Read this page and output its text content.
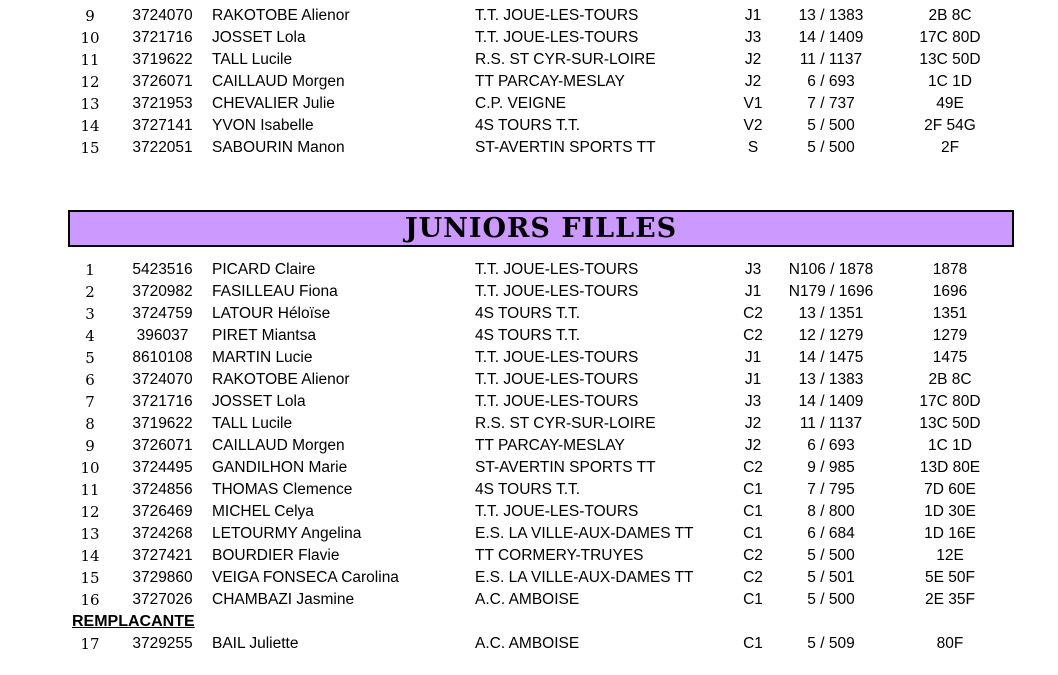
9	3724070	RAKOTOBE Alienor	T.T. JOUE-LES-TOURS	J1	13 / 1383	2B 8C
10	3721716	JOSSET Lola	T.T. JOUE-LES-TOURS	J3	14 / 1409	17C 80D
11	3719622	TALL Lucile	R.S. ST CYR-SUR-LOIRE	J2	11 / 1137	13C 50D
12	3726071	CAILLAUD Morgen	TT PARCAY-MESLAY	J2	6 / 693	1C 1D
13	3721953	CHEVALIER Julie	C.P. VEIGNE	V1	7 / 737	49E
14	3727141	YVON Isabelle	4S TOURS T.T.	V2	5 / 500	2F 54G
15	3722051	SABOURIN Manon	ST-AVERTIN SPORTS TT	S	5 / 500	2F
JUNIORS FILLES
1	5423516	PICARD Claire	T.T. JOUE-LES-TOURS	J3	N106 / 1878	1878
2	3720982	FASILLEAU Fiona	T.T. JOUE-LES-TOURS	J1	N179 / 1696	1696
3	3724759	LATOUR Héloïse	4S TOURS T.T.	C2	13 / 1351	1351
4	396037	PIRET Miantsa	4S TOURS T.T.	C2	12 / 1279	1279
5	8610108	MARTIN Lucie	T.T. JOUE-LES-TOURS	J1	14 / 1475	1475
6	3724070	RAKOTOBE Alienor	T.T. JOUE-LES-TOURS	J1	13 / 1383	2B 8C
7	3721716	JOSSET Lola	T.T. JOUE-LES-TOURS	J3	14 / 1409	17C 80D
8	3719622	TALL Lucile	R.S. ST CYR-SUR-LOIRE	J2	11 / 1137	13C 50D
9	3726071	CAILLAUD Morgen	TT PARCAY-MESLAY	J2	6 / 693	1C 1D
10	3724495	GANDILHON Marie	ST-AVERTIN SPORTS TT	C2	9 / 985	13D 80E
11	3724856	THOMAS Clemence	4S TOURS T.T.	C1	7 / 795	7D 60E
12	3726469	MICHEL Celya	T.T. JOUE-LES-TOURS	C1	8 / 800	1D 30E
13	3724268	LETOURMY Angelina	E.S. LA VILLE-AUX-DAMES TT	C1	6 / 684	1D 16E
14	3727421	BOURDIER Flavie	TT CORMERY-TRUYES	C2	5 / 500	12E
15	3729860	VEIGA FONSECA Carolina	E.S. LA VILLE-AUX-DAMES TT	C2	5 / 501	5E 50F
16	3727026	CHAMBAZI Jasmine	A.C. AMBOISE	C1	5 / 500	2E 35F
REMPLACANTE
17	3729255	BAIL Juliette	A.C. AMBOISE	C1	5 / 509	80F
